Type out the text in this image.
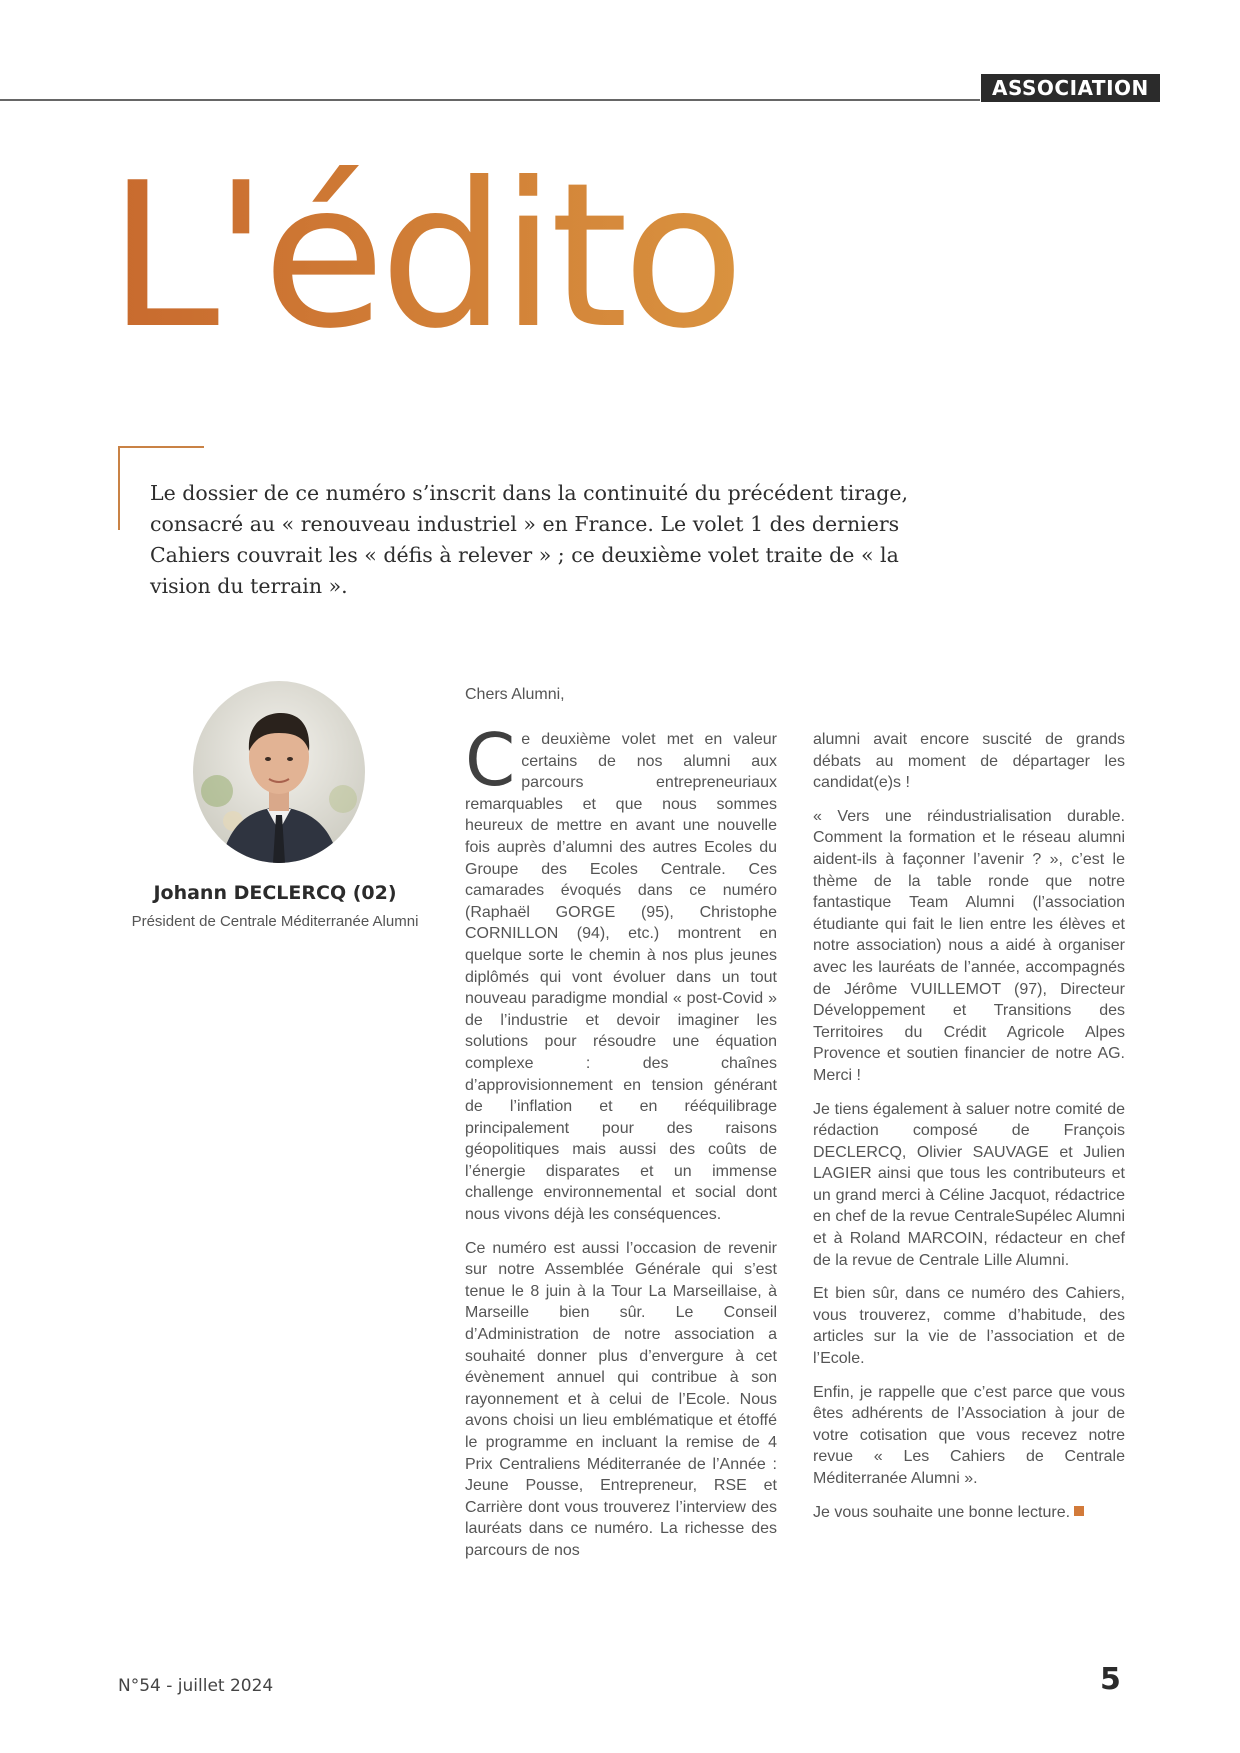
ASSOCIATION
L'édito

Le dossier de ce numéro s’inscrit dans la continuité du précédent tirage, consacré au « renouveau industriel » en France. Le volet 1 des derniers Cahiers couvrait les « défis à relever » ; ce deuxième volet traite de « la vision du terrain ».

Johann DECLERCQ (02)
Président de Centrale Méditerranée Alumni
Chers Alumni,

Ce deuxième volet met en valeur certains de nos alumni aux parcours entrepreneuriaux remarquables et que nous sommes heureux de mettre en avant une nouvelle fois auprès d’alumni des autres Ecoles du Groupe des Ecoles Centrale. Ces camarades évoqués dans ce numéro (Raphaël GORGE (95), Christophe CORNILLON (94), etc.) montrent en quelque sorte le chemin à nos plus jeunes diplômés qui vont évoluer dans un tout nouveau paradigme mondial « post-Covid » de l’industrie et devoir imaginer les solutions pour résoudre une équation complexe : des chaînes d’approvisionnement en tension générant de l’inflation et en rééquilibrage principalement pour des raisons géopolitiques mais aussi des coûts de l’énergie disparates et un immense challenge environnemental et social dont nous vivons déjà les conséquences.

Ce numéro est aussi l’occasion de revenir sur notre Assemblée Générale qui s’est tenue le 8 juin à la Tour La Marseillaise, à Marseille bien sûr. Le Conseil d’Administration de notre association a souhaité donner plus d’envergure à cet évènement annuel qui contribue à son rayonnement et à celui de l’Ecole. Nous avons choisi un lieu emblématique et étoffé le programme en incluant la remise de 4 Prix Centraliens Méditerranée de l’Année : Jeune Pousse, Entrepreneur, RSE et Carrière dont vous trouverez l’interview des lauréats dans ce numéro. La richesse des parcours de nos

alumni avait encore suscité de grands débats au moment de départager les candidat(e)s !

« Vers une réindustrialisation durable. Comment la formation et le réseau alumni aident-ils à façonner l’avenir ? », c’est le thème de la table ronde que notre fantastique Team Alumni (l’association étudiante qui fait le lien entre les élèves et notre association) nous a aidé à organiser avec les lauréats de l’année, accompagnés de Jérôme VUILLEMOT (97), Directeur Développement et Transitions des Territoires du Crédit Agricole Alpes Provence et soutien financier de notre AG. Merci !

Je tiens également à saluer notre comité de rédaction composé de François DECLERCQ, Olivier SAUVAGE et Julien LAGIER ainsi que tous les contributeurs et un grand merci à Céline Jacquot, rédactrice en chef de la revue CentraleSupélec Alumni et à Roland MARCOIN, rédacteur en chef de la revue de Centrale Lille Alumni.

Et bien sûr, dans ce numéro des Cahiers, vous trouverez, comme d’habitude, des articles sur la vie de l’association et de l’Ecole.

Enfin, je rappelle que c’est parce que vous êtes adhérents de l’Association à jour de votre cotisation que vous recevez notre revue « Les Cahiers de Centrale Méditerranée Alumni ».

Je vous souhaite une bonne lecture.

N°54 - juillet 2024	5
